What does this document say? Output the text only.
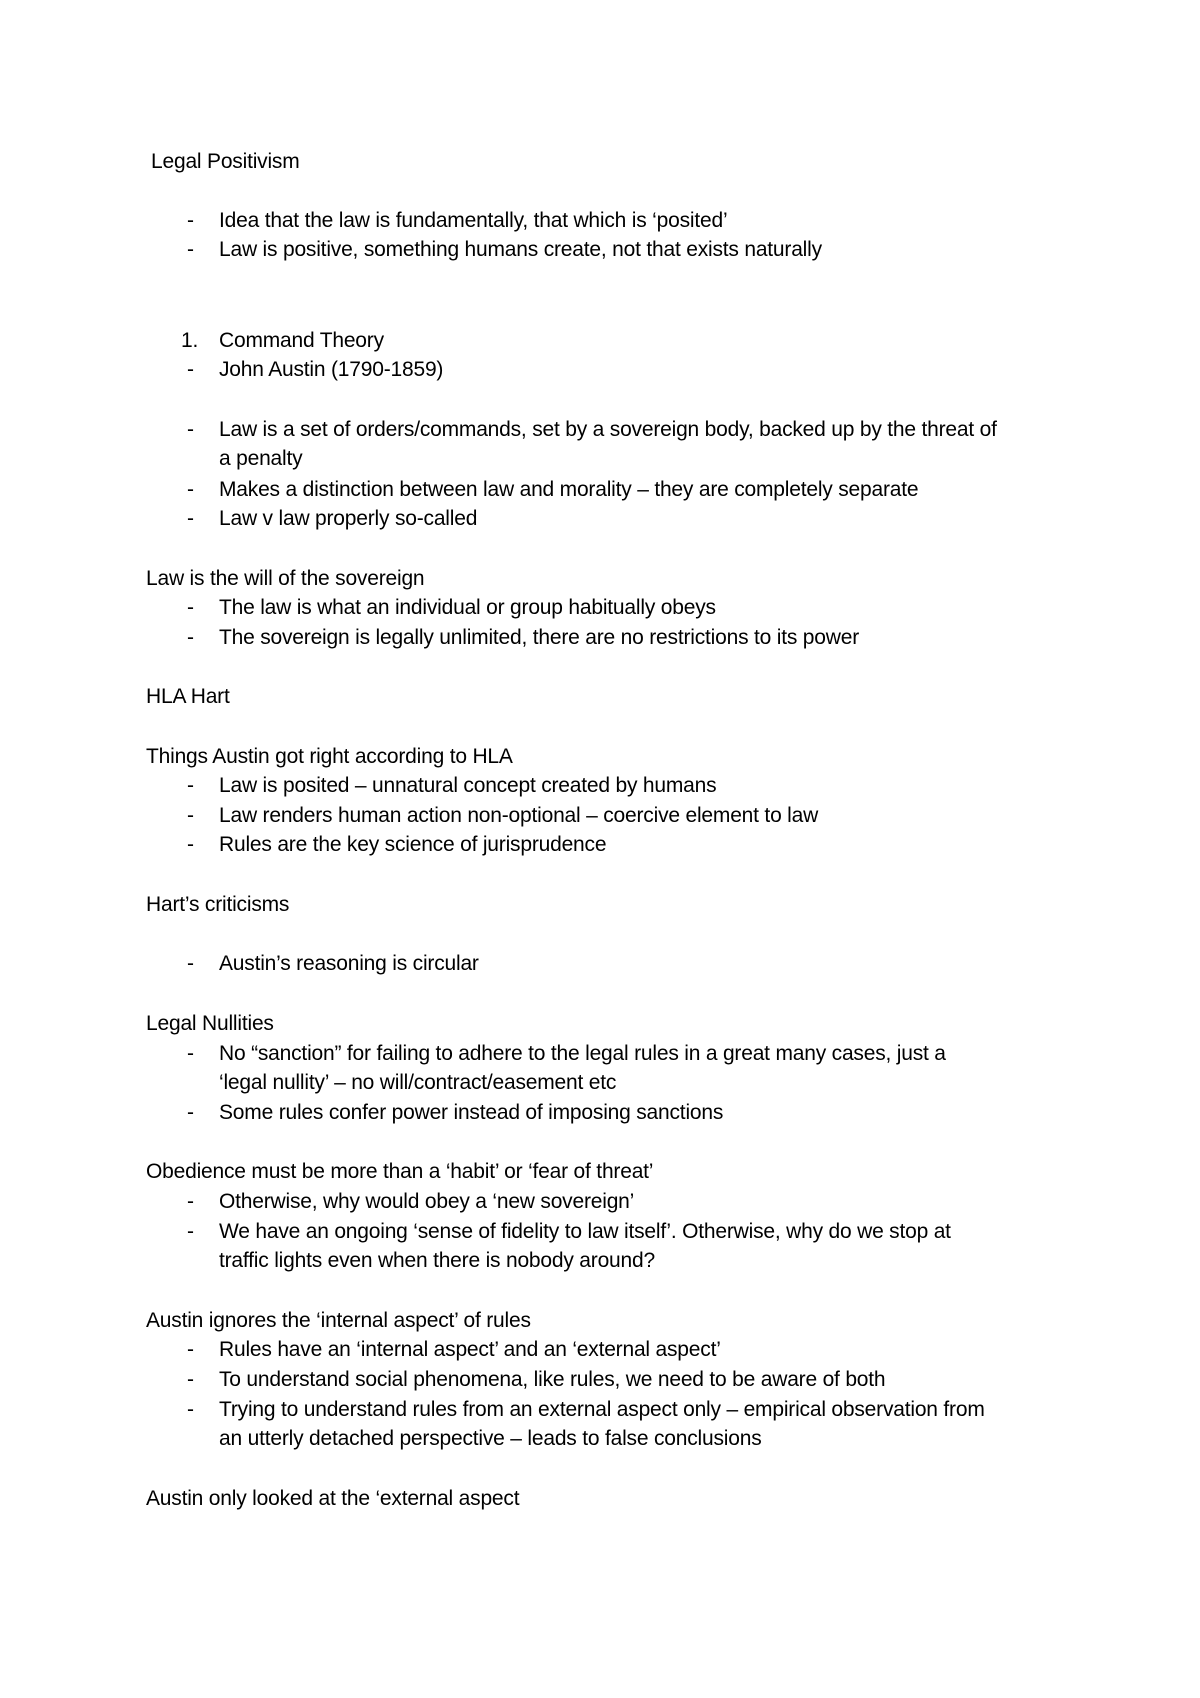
Legal Positivism
- Idea that the law is fundamentally, that which is ‘posited’
- Law is positive, something humans create, not that exists naturally
1. Command Theory
- John Austin (1790-1859)
- Law is a set of orders/commands, set by a sovereign body, backed up by the threat of
a penalty
- Makes a distinction between law and morality – they are completely separate
- Law v law properly so-called
Law is the will of the sovereign
- The law is what an individual or group habitually obeys
- The sovereign is legally unlimited, there are no restrictions to its power
HLA Hart
Things Austin got right according to HLA
- Law is posited – unnatural concept created by humans
- Law renders human action non-optional – coercive element to law
- Rules are the key science of jurisprudence
Hart’s criticisms
- Austin’s reasoning is circular
Legal Nullities
- No “sanction” for failing to adhere to the legal rules in a great many cases, just a
‘legal nullity’ – no will/contract/easement etc
- Some rules confer power instead of imposing sanctions
Obedience must be more than a ‘habit’ or ‘fear of threat’
- Otherwise, why would obey a ‘new sovereign’
- We have an ongoing ‘sense of fidelity to law itself’. Otherwise, why do we stop at
traffic lights even when there is nobody around?
Austin ignores the ‘internal aspect’ of rules
- Rules have an ‘internal aspect’ and an ‘external aspect’
- To understand social phenomena, like rules, we need to be aware of both
- Trying to understand rules from an external aspect only – empirical observation from
an utterly detached perspective – leads to false conclusions
Austin only looked at the ‘external aspect
